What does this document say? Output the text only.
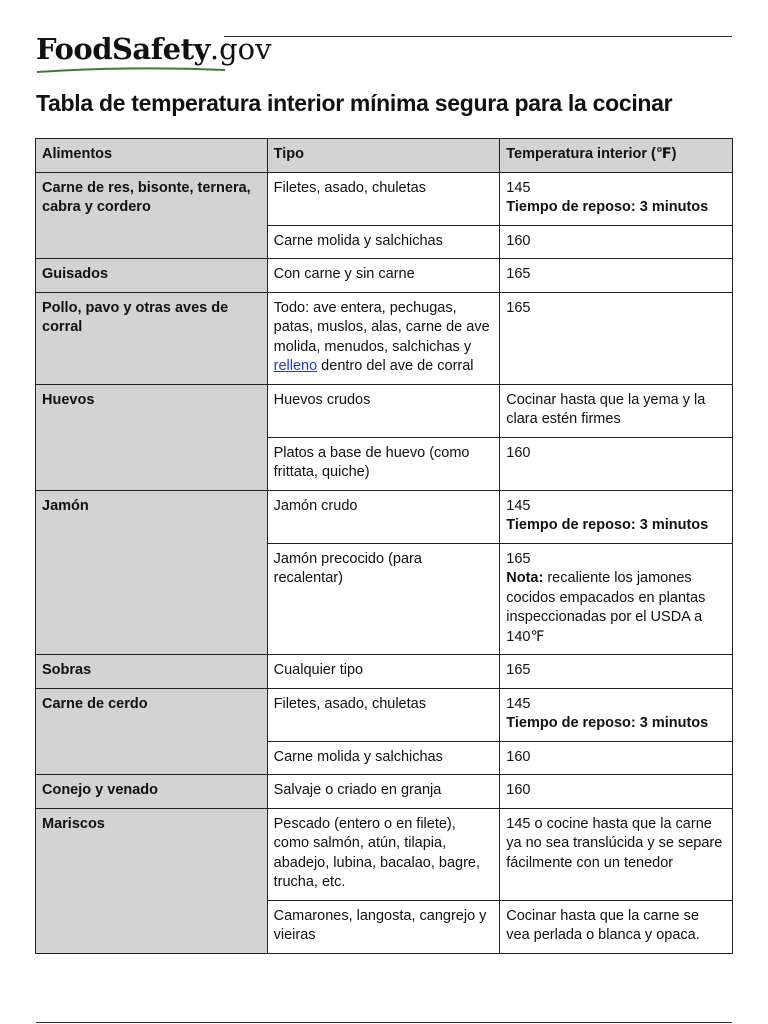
FoodSafety.gov
Tabla de temperatura interior mínima segura para la cocinar
Alimentos	Tipo	Temperatura interior (℉)
Carne de res, bisonte, ternera, cabra y cordero	Filetes, asado, chuletas	145
Tiempo de reposo: 3 minutos

	Carne molida y salchichas	160
Guisados	Con carne y sin carne	165
Pollo, pavo y otras aves de corral	Todo: ave entera, pechugas, patas, muslos, alas, carne de ave molida, menudos, salchichas y relleno dentro del ave de corral	165
Huevos	Huevos crudos	Cocinar hasta que la yema y la clara estén firmes
	Platos a base de huevo (como frittata, quiche)	160
Jamón	Jamón crudo	145
Tiempo de reposo: 3 minutos

	Jamón precocido (para recalentar)	165
Nota: recaliente los jamones cocidos empacados en plantas inspeccionadas por el USDA a 140℉

Sobras	Cualquier tipo	165
Carne de cerdo	Filetes, asado, chuletas	145
Tiempo de reposo: 3 minutos

	Carne molida y salchichas	160
Conejo y venado	Salvaje o criado en granja	160
Mariscos	Pescado (entero o en filete), como salmón, atún, tilapia, abadejo, lubina, bacalao, bagre, trucha, etc.	145 o cocine hasta que la carne ya no sea translúcida y se separe fácilmente con un tenedor
	Camarones, langosta, cangrejo y vieiras	Cocinar hasta que la carne se vea perlada o blanca y opaca.
